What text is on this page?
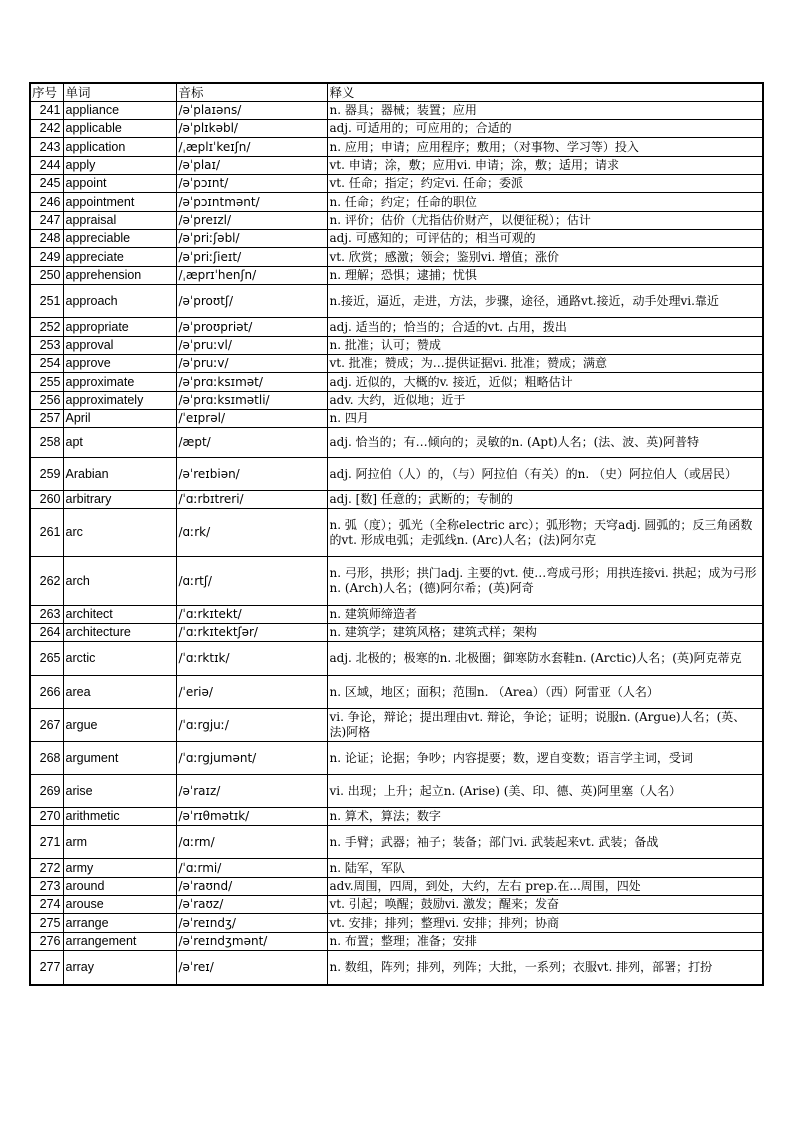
序号	单词	音标	释义
241	appliance	/əˈplaɪəns/	n. 器具；器械；装置；应用
242	applicable	/əˈplɪkəbl/	adj. 可适用的；可应用的；合适的
243	application	/ˌæplɪˈkeɪʃn/	n. 应用；申请；应用程序；敷用；（对事物、学习等）投入
244	apply	/əˈplaɪ/	vt. 申请；涂，敷；应用vi. 申请；涂，敷；适用；请求
245	appoint	/əˈpɔɪnt/	vt. 任命；指定；约定vi. 任命；委派
246	appointment	/əˈpɔɪntmənt/	n. 任命；约定；任命的职位
247	appraisal	/əˈpreɪzl/	n. 评价；估价（尤指估价财产，以便征税）；估计
248	appreciable	/əˈpriːʃəbl/	adj. 可感知的；可评估的；相当可观的
249	appreciate	/əˈpriːʃieɪt/	vt. 欣赏；感激；领会；鉴别vi. 增值；涨价
250	apprehension	/ˌæprɪˈhenʃn/	n. 理解；恐惧；逮捕；忧惧
251	approach	/əˈproʊtʃ/	n.接近，逼近，走进，方法，步骤，途径，通路vt.接近，动手处理vi.靠近
252	appropriate	/əˈproʊpriət/	adj. 适当的；恰当的；合适的vt. 占用，拨出
253	approval	/əˈpruːvl/	n. 批准；认可；赞成
254	approve	/əˈpruːv/	vt. 批准；赞成；为…提供证据vi. 批准；赞成；满意
255	approximate	/əˈprɑːksɪmət/	adj. 近似的，大概的v. 接近，近似；粗略估计
256	approximately	/əˈprɑːksɪmətli/	adv. 大约，近似地；近于
257	April	/ˈeɪprəl/	n. 四月
258	apt	/æpt/	adj. 恰当的；有…倾向的；灵敏的n. (Apt)人名；(法、波、英)阿普特
259	Arabian	/əˈreɪbiən/	adj. 阿拉伯（人）的，（与）阿拉伯（有关）的n. （史）阿拉伯人（或居民）
260	arbitrary	/ˈɑːrbɪtreri/	adj. [数] 任意的；武断的；专制的
261	arc	/ɑːrk/	n. 弧（度）；弧光（全称electric arc）；弧形物；天穹adj. 圆弧的；反三角函数的vt. 形成电弧；走弧线n. (Arc)人名；(法)阿尔克
262	arch	/ɑːrtʃ/	n. 弓形，拱形；拱门adj. 主要的vt. 使…弯成弓形；用拱连接vi. 拱起；成为弓形n. (Arch)人名；(德)阿尔希；(英)阿奇
263	architect	/ˈɑːrkɪtekt/	n. 建筑师缔造者
264	architecture	/ˈɑːrkɪtektʃər/	n. 建筑学；建筑风格；建筑式样；架构
265	arctic	/ˈɑːrktɪk/	adj. 北极的；极寒的n. 北极圈；御寒防水套鞋n. (Arctic)人名；(英)阿克蒂克
266	area	/ˈeriə/	n. 区域，地区；面积；范围n. （Area）（西）阿雷亚（人名）
267	argue	/ˈɑːrgjuː/	vi. 争论，辩论；提出理由vt. 辩论，争论；证明；说服n. (Argue)人名；(英、法)阿格
268	argument	/ˈɑːrgjumənt/	n. 论证；论据；争吵；内容提要；数，逻自变数；语言学主词，受词
269	arise	/əˈraɪz/	vi. 出现；上升；起立n. (Arise) (美、印、德、英)阿里塞（人名）
270	arithmetic	/əˈrɪθmətɪk/	n. 算术，算法；数字
271	arm	/ɑːrm/	n. 手臂；武器；袖子；装备；部门vi. 武装起来vt. 武装；备战
272	army	/ˈɑːrmi/	n. 陆军，军队
273	around	/əˈraʊnd/	adv.周围，四周，到处，大约，左右 prep.在...周围，四处
274	arouse	/əˈraʊz/	vt. 引起；唤醒；鼓励vi. 激发；醒来；发奋
275	arrange	/əˈreɪndʒ/	vt. 安排；排列；整理vi. 安排；排列；协商
276	arrangement	/əˈreɪndʒmənt/	n. 布置；整理；准备；安排
277	array	/əˈreɪ/	n. 数组，阵列；排列，列阵；大批，一系列；衣服vt. 排列，部署；打扮
